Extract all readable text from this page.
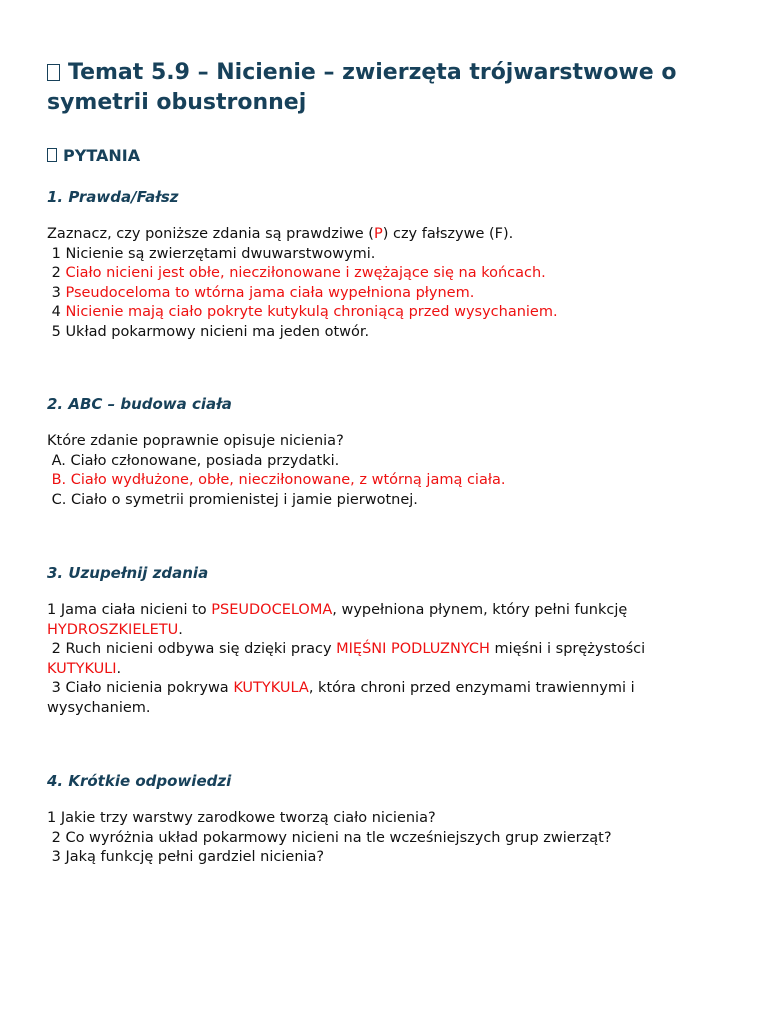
Temat 5.9 – Nicienie – zwierzęta trójwarstwowe o symetrii obustronnej
PYTANIA
1. Prawda/Fałsz
Zaznacz, czy poniższe zdania są prawdziwe (P) czy fałszywe (F).
1 Nicienie są zwierzętami dwuwarstwowymi.
2 Ciało nicieni jest obłe, niecziłonowane i zwężające się na końcach.
3 Pseudoceloma to wtórna jama ciała wypełniona płynem.
4 Nicienie mają ciało pokryte kutykulą chroniącą przed wysychaniem.
5 Układ pokarmowy nicieni ma jeden otwór.
2. ABC – budowa ciała
Które zdanie poprawnie opisuje nicienia?
A. Ciało członowane, posiada przydatki.
B. Ciało wydłużone, obłe, niecziłonowane, z wtórną jamą ciała.
C. Ciało o symetrii promienistej i jamie pierwotnej.
3. Uzupełnij zdania
1 Jama ciała nicieni to PSEUDOCELOMA, wypełniona płynem, który pełni funkcję
HYDROSZKIELETU.
2 Ruch nicieni odbywa się dzięki pracy MIĘŚNI PODLUZNYCH mięśni i sprężystości
KUTYKULI.
3 Ciało nicienia pokrywa KUTYKULA, która chroni przed enzymami trawiennymi i
wysychaniem.
4. Krótkie odpowiedzi
1 Jakie trzy warstwy zarodkowe tworzą ciało nicienia?
2 Co wyróżnia układ pokarmowy nicieni na tle wcześniejszych grup zwierząt?
3 Jaką funkcję pełni gardziel nicienia?
